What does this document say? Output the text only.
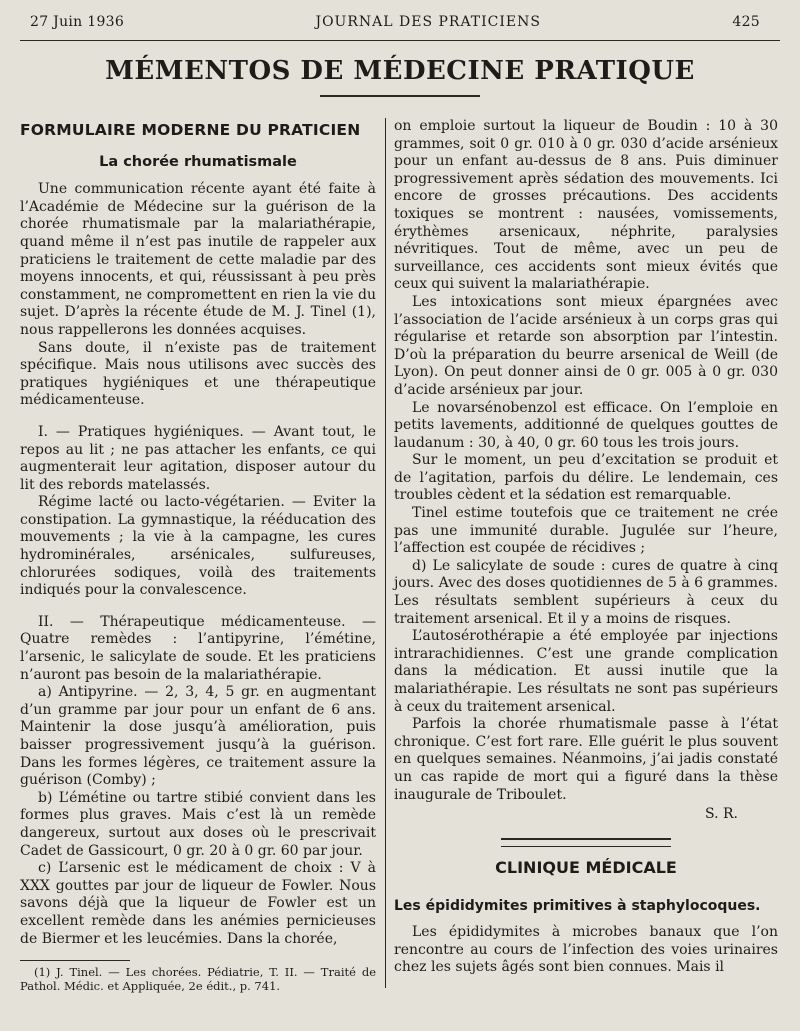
27 Juin 1936	JOURNAL DES PRATICIENS	425
MÉMENTOS DE MÉDECINE PRATIQUE
FORMULAIRE MODERNE DU PRATICIEN
La chorée rhumatismale

Une communication récente ayant été faite à l’Académie de Médecine sur la guérison de la chorée rhumatismale par la malariathérapie, quand même il n’est pas inutile de rappeler aux praticiens le traitement de cette maladie par des moyens innocents, et qui, réussissant à peu près constamment, ne compromettent en rien la vie du sujet. D’après la récente étude de M. J. Tinel (1), nous rappellerons les données acquises.

Sans doute, il n’existe pas de traitement spécifique. Mais nous utilisons avec succès des pratiques hygiéniques et une thérapeutique médicamenteuse.

I. — Pratiques hygiéniques. — Avant tout, le repos au lit ; ne pas attacher les enfants, ce qui augmenterait leur agitation, disposer autour du lit des rebords matelassés.

Régime lacté ou lacto-végétarien. — Eviter la constipation. La gymnastique, la rééducation des mouvements ; la vie à la campagne, les cures hydrominérales, arsénicales, sulfureuses, chlorurées sodiques, voilà des traitements indiqués pour la convalescence.

II. — Thérapeutique médicamenteuse. — Quatre remèdes : l’antipyrine, l’émétine, l’arsenic, le salicylate de soude. Et les praticiens n’auront pas besoin de la malariathérapie.

a) Antipyrine. — 2, 3, 4, 5 gr. en augmentant d’un gramme par jour pour un enfant de 6 ans. Maintenir la dose jusqu’à amélioration, puis baisser progressivement jusqu’à la guérison. Dans les formes légères, ce traitement assure la guérison (Comby) ;

b) L’émétine ou tartre stibié convient dans les formes plus graves. Mais c’est là un remède dangereux, surtout aux doses où le prescrivait Cadet de Gassicourt, 0 gr. 20 à 0 gr. 60 par jour.

c) L’arsenic est le médicament de choix : V à XXX gouttes par jour de liqueur de Fowler. Nous savons déjà que la liqueur de Fowler est un excellent remède dans les anémies pernicieuses de Biermer et les leucémies. Dans la chorée,

(1) J. Tinel. — Les chorées. Pédiatrie, T. II. — Traité de Pathol. Médic. et Appliquée, 2e édit., p. 741.

on emploie surtout la liqueur de Boudin : 10 à 30 grammes, soit 0 gr. 010 à 0 gr. 030 d’acide arsénieux pour un enfant au-dessus de 8 ans. Puis diminuer progressivement après sédation des mouvements. Ici encore de grosses précautions. Des accidents toxiques se montrent : nausées, vomissements, érythèmes arsenicaux, néphrite, paralysies névritiques. Tout de même, avec un peu de surveillance, ces accidents sont mieux évités que ceux qui suivent la malariathérapie.

Les intoxications sont mieux épargnées avec l’association de l’acide arsénieux à un corps gras qui régularise et retarde son absorption par l’intestin. D’où la préparation du beurre arsenical de Weill (de Lyon). On peut donner ainsi de 0 gr. 005 à 0 gr. 030 d’acide arsénieux par jour.

Le novarsénobenzol est efficace. On l’emploie en petits lavements, additionné de quelques gouttes de laudanum : 30, à 40, 0 gr. 60 tous les trois jours.

Sur le moment, un peu d’excitation se produit et de l’agitation, parfois du délire. Le lendemain, ces troubles cèdent et la sédation est remarquable.

Tinel estime toutefois que ce traitement ne crée pas une immunité durable. Jugulée sur l’heure, l’affection est coupée de récidives ;

d) Le salicylate de soude : cures de quatre à cinq jours. Avec des doses quotidiennes de 5 à 6 grammes. Les résultats semblent supérieurs à ceux du traitement arsenical. Et il y a moins de risques.

L’autosérothérapie a été employée par injections intrarachidiennes. C’est une grande complication dans la médication. Et aussi inutile que la malariathérapie. Les résultats ne sont pas supérieurs à ceux du traitement arsenical.

Parfois la chorée rhumatismale passe à l’état chronique. C’est fort rare. Elle guérit le plus souvent en quelques semaines. Néanmoins, j’ai jadis constaté un cas rapide de mort qui a figuré dans la thèse inaugurale de Triboulet.

S. R.
CLINIQUE MÉDICALE
Les épididymites primitives à staphylocoques.

Les épididymites à microbes banaux que l’on rencontre au cours de l’infection des voies urinaires chez les sujets âgés sont bien connues. Mais il
